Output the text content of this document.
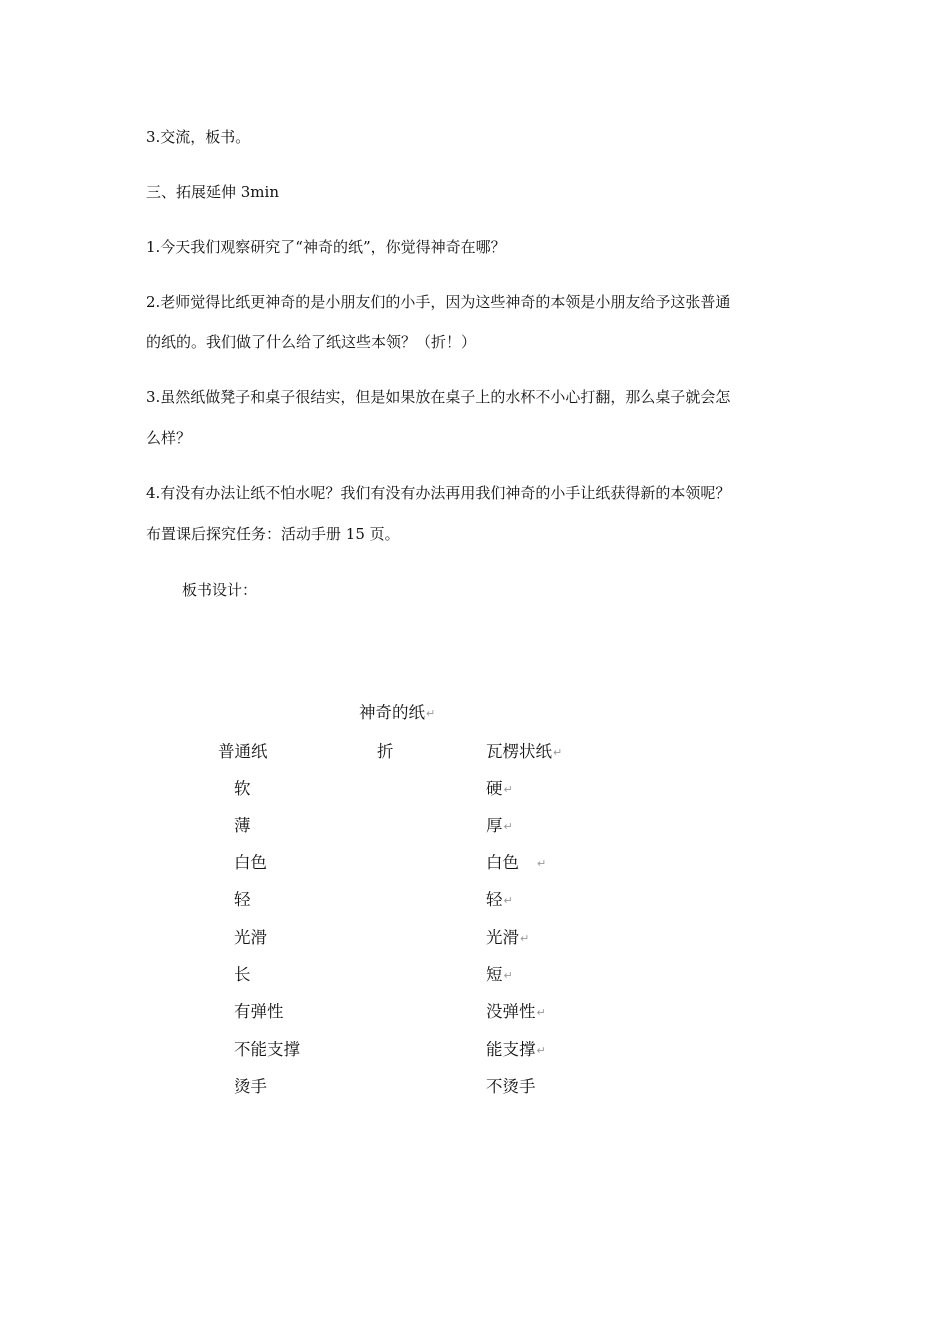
3.交流，板书。

三、拓展延伸 3min

1.今天我们观察研究了“神奇的纸”，你觉得神奇在哪？

2.老师觉得比纸更神奇的是小朋友们的小手，因为这些神奇的本领是小朋友给予这张普通

的纸的。我们做了什么给了纸这些本领？（折！）

3.虽然纸做凳子和桌子很结实，但是如果放在桌子上的水杯不小心打翻，那么桌子就会怎

么样？

4.有没有办法让纸不怕水呢？我们有没有办法再用我们神奇的小手让纸获得新的本领呢？

布置课后探究任务：活动手册 15 页。

板书设计：

神奇的纸↵
普通纸	折	瓦楞状纸↵
软
薄
白色
轻
光滑
长
有弹性
不能支撑
烫手
硬↵
厚↵
白色 ↵
轻↵
光滑↵
短↵
没弹性↵
能支撑↵
不烫手
